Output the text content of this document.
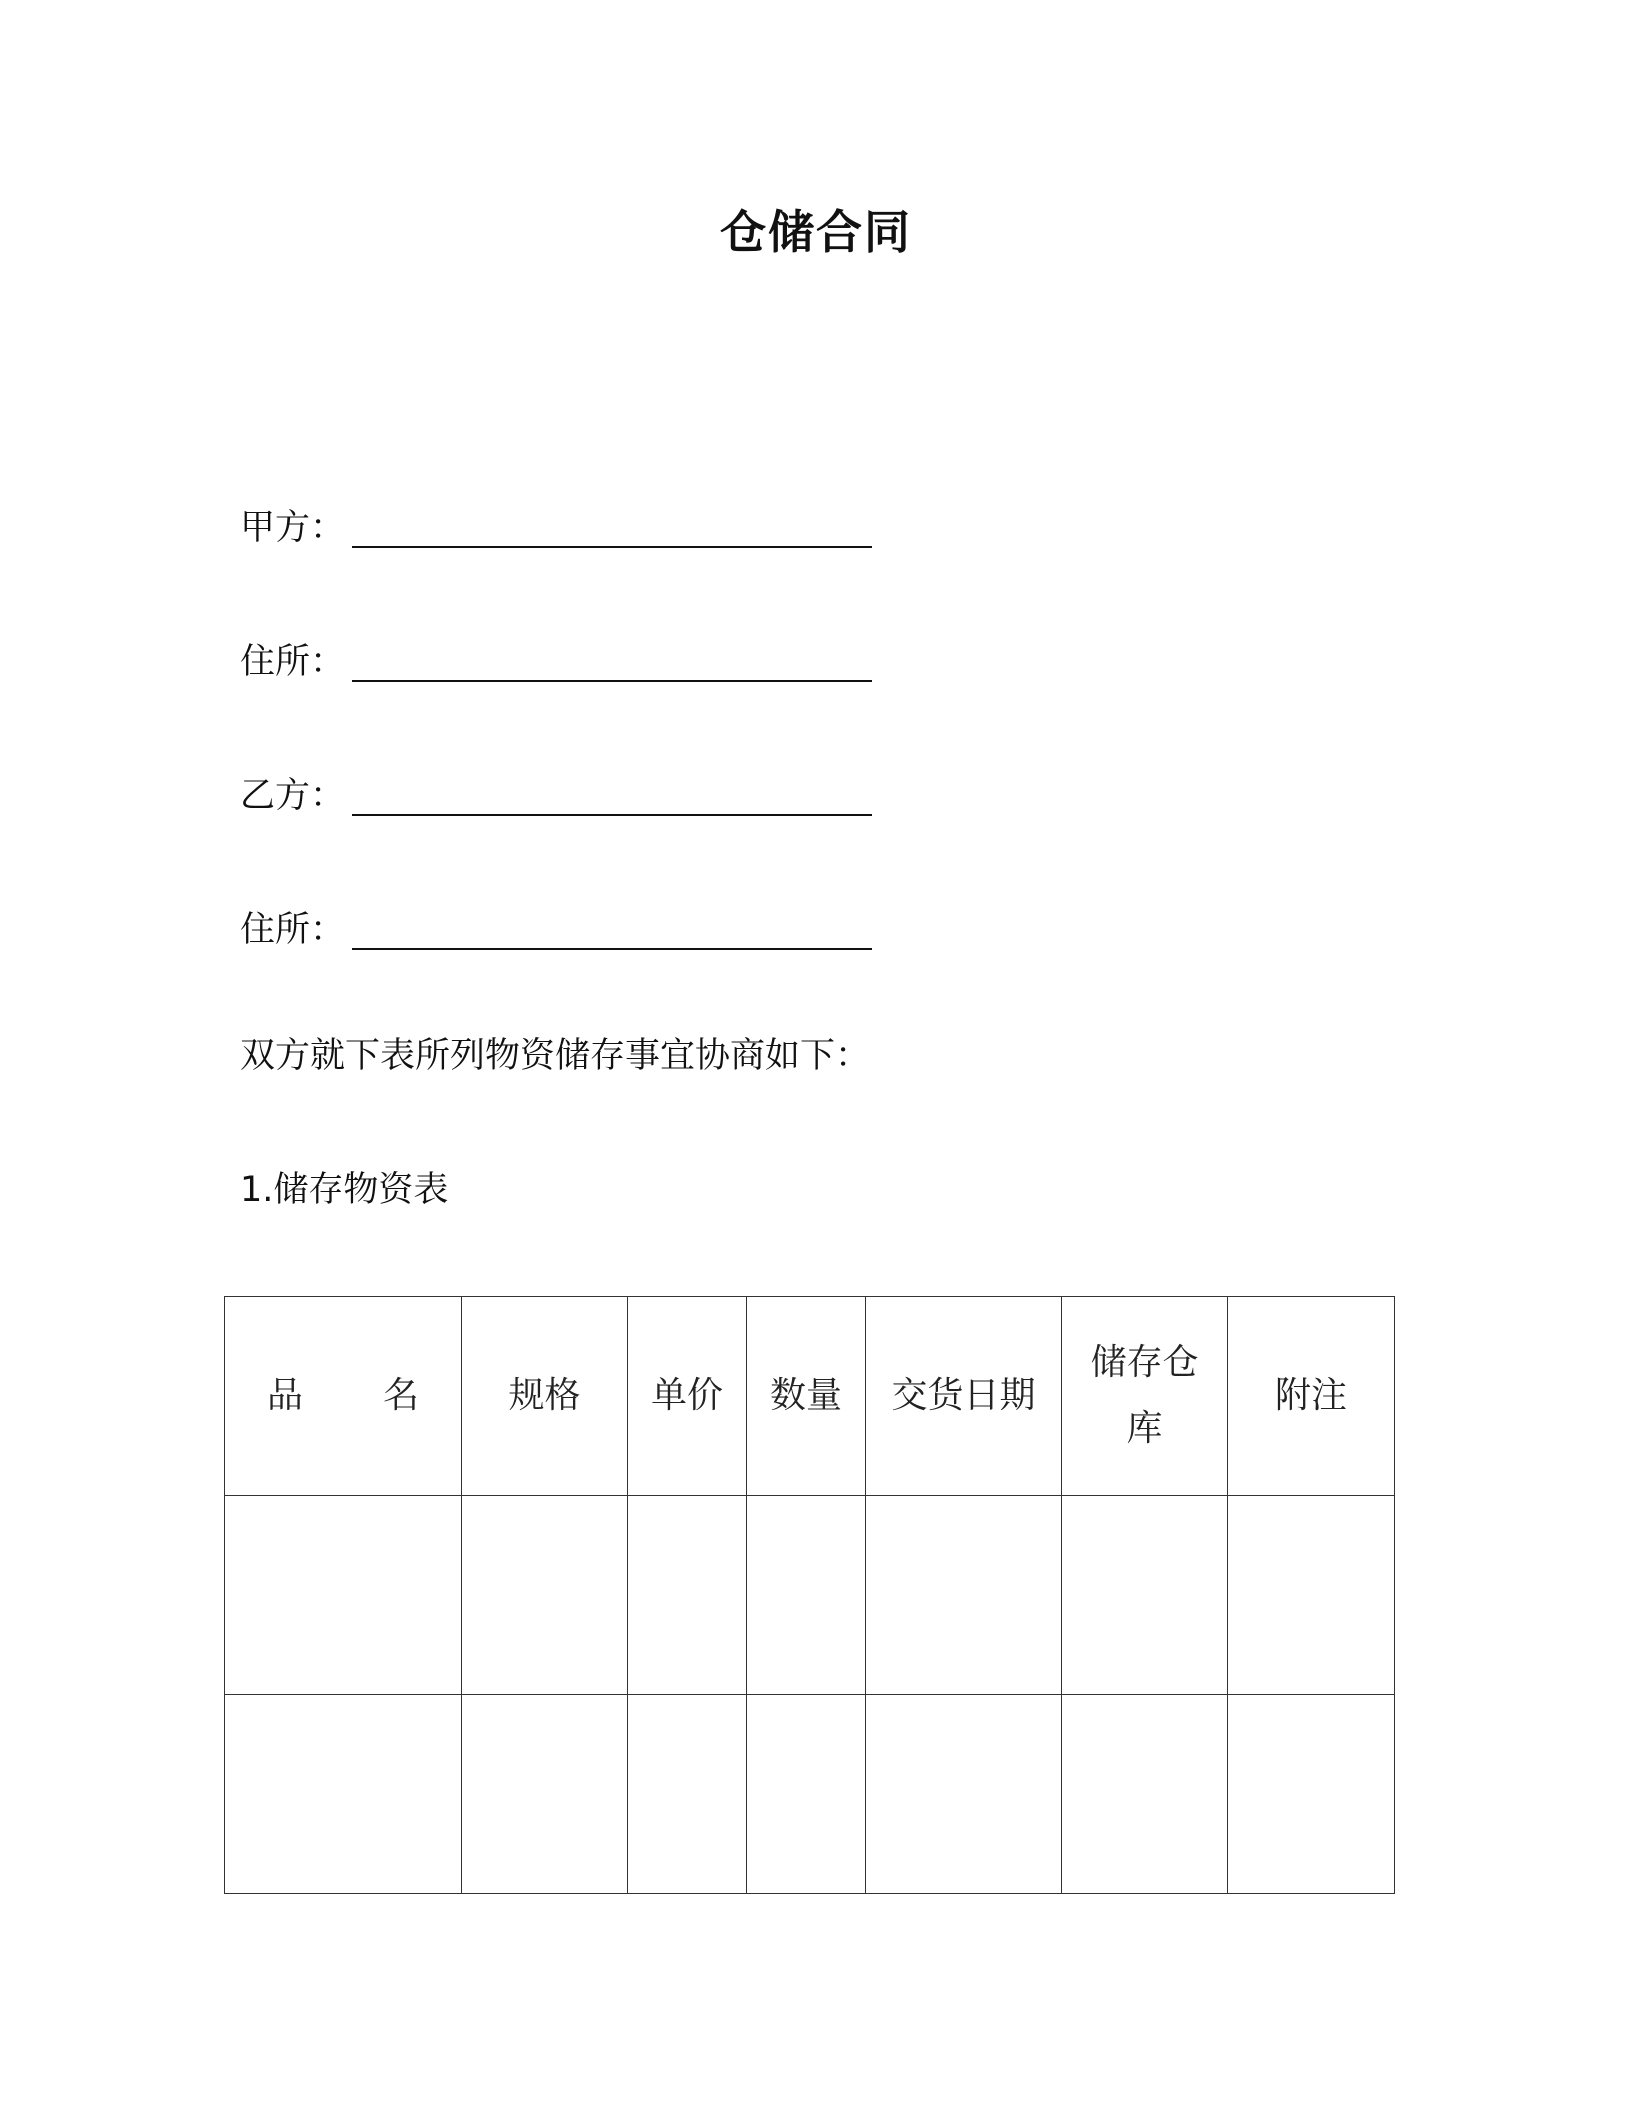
仓储合同
甲方：
住所：
乙方：
住所：
双方就下表所列物资储存事宜协商如下：
1.储存物资表
品 名	规格	单价	数量	交货日期	储存仓库	附注
